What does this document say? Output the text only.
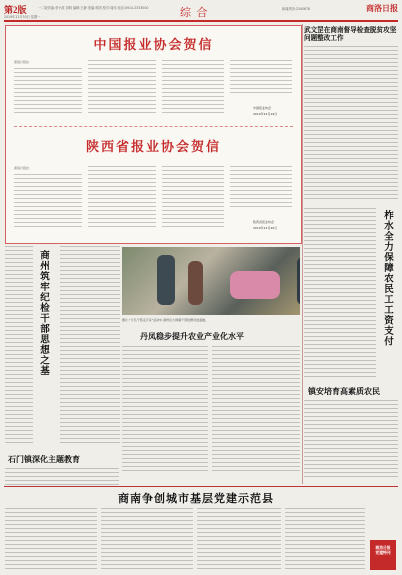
第2版	一二版责编:李小波 刘明 编辑:王静 美编:郭明 校对:周伟 电话:0914-2333000
2019年12月30日 星期一	综 合	新闻热线:2345678	商洛日报
中国报业协会贺信
商洛日报社:
中国报业协会
2019年12月19日
陕西省报业协会贺信
商洛日报社:
陕西省报业协会
2019年12月20日
武文罡在商南督导检查脱贫攻坚问题整改工作
商州筑牢纪检干部思想之基	图片:“万名干部走万家”活动中,商州区大荆镇干部给群众送温暖。	柞水全力保障农民工工资支付
丹凤稳步提升农业产业化水平
石门镇深化主题教育
镇安培育高素质农民
商南争创城市基层党建示范县
商洛日报
党建特刊
